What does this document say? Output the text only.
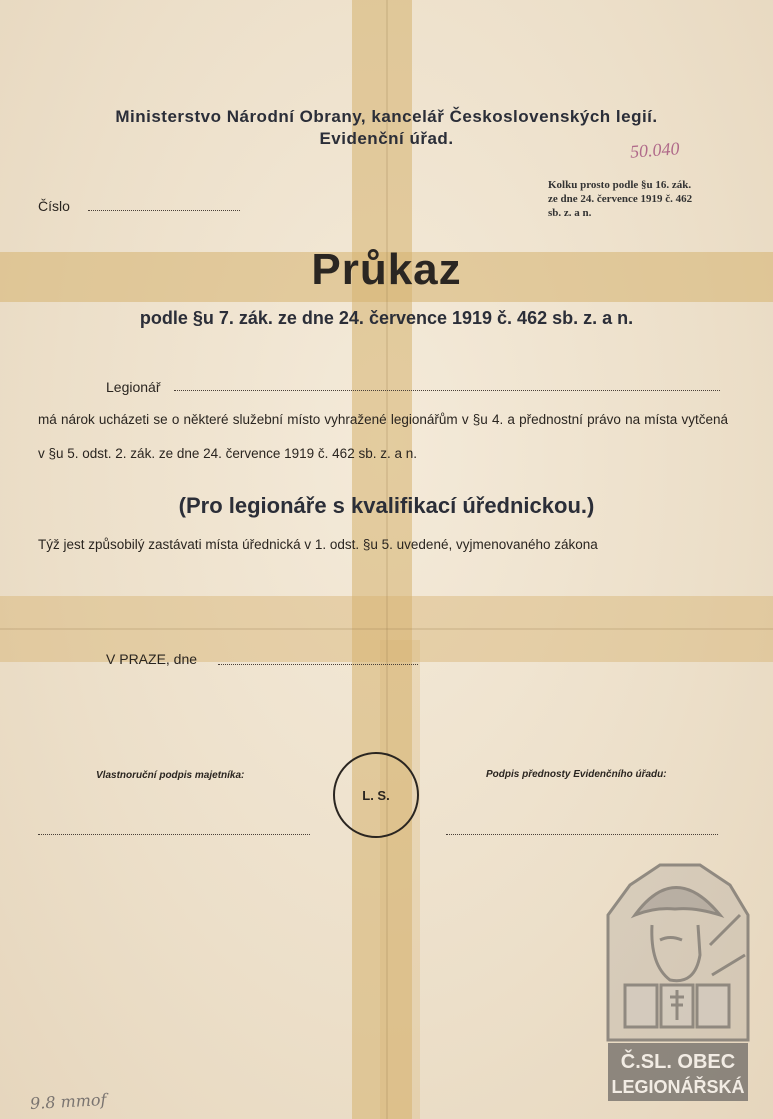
Ministerstvo Národní Obrany, kancelář Československých legií.
Evidenční úřad.	50.040
Číslo
Kolku prosto podle §u 16. zák.
ze dne 24. července 1919 č. 462
sb. z. a n.
Průkaz
podle §u 7. zák. ze dne 24. července 1919 č. 462 sb. z. a n.
Legionář
má nárok ucházeti se o některé služební místo vyhražené legionářům v §u 4. a přednostní právo na místa vytčená v §u 5. odst. 2. zák. ze dne 24. července 1919 č. 462 sb. z. a n.
(Pro legionáře s kvalifikací úřednickou.)
Týž jest způsobilý zastávati místa úřednická v 1. odst. §u 5. uvedené, vyjmenovaného zákona
V PRAZE, dne
Vlastnoruční podpis majetníka:
L. S.
Podpis přednosty Evidenčního úřadu:
9.8 mmof
Č.SL. OBEC
LEGIONÁŘSKÁ
